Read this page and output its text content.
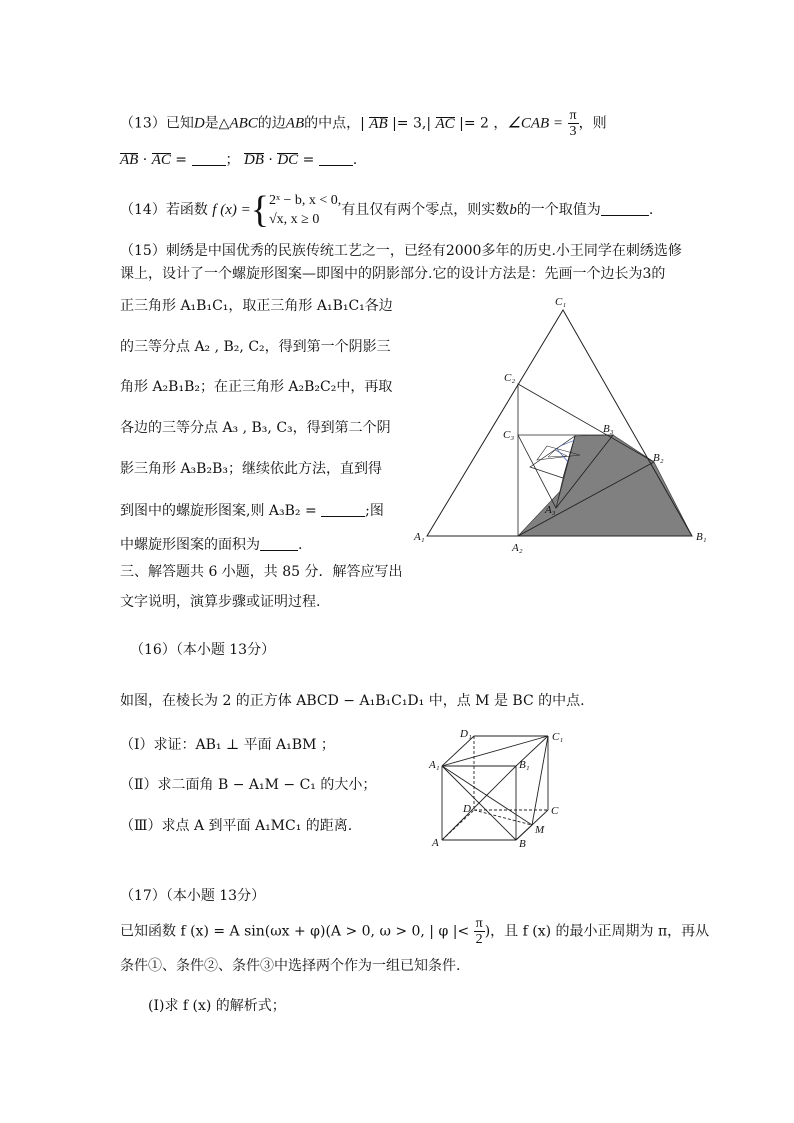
（13）已知D是△ABC的边AB的中点，| AB |= 3,| AC |= 2 ，∠CAB = $\frac{\pi}{3}$ ，则
AB · AC = ； DB · DC = .
（14）若函数 f (x) ={ 2ˣ − b, x < 0,
√x, x ≥ 0
有且仅有两个零点，则实数b的一个取值为	.
（15）刺绣是中国优秀的民族传统工艺之一，已经有2000多年的历史.小王同学在刺绣选修
课上，设计了一个螺旋形图案—即图中的阴影部分.它的设计方法是：先画一个边长为3的
正三角形 A₁B₁C₁，取正三角形 A₁B₁C₁各边
的三等分点 A₂ , B₂, C₂，得到第一个阴影三
角形 A₂B₁B₂；在正三角形 A₂B₂C₂中，再取
各边的三等分点 A₃ , B₃, C₃，得到第二个阴
影三角形 A₃B₂B₃；继续依此方法，直到得
到图中的螺旋形图案,则 A₃B₂ =	;图
中螺旋形图案的面积为	.	A₁
A₂
A₃
B₁
B₂
B₃
C₁
C₂
C₃
三、解答题共 6 小题，共 85 分．解答应写出
文字说明，演算步骤或证明过程.
（16）（本小题 13分）
如图，在棱长为 2 的正方体 ABCD − A₁B₁C₁D₁ 中，点 M 是 BC 的中点.
（Ⅰ）求证：AB₁ ⊥ 平面 A₁BM ；
（Ⅱ）求二面角 B − A₁M − C₁ 的大小；
（Ⅲ）求点 A 到平面 A₁MC₁ 的距离.
A	B
C
D
A₁	B₁
C₁
D₁
M
（17）（本小题 13分）
已知函数 f (x) = A sin(ωx + φ)(A > 0, ω > 0, | φ |< $\frac{\pi}{2}$ )，且 f (x) 的最小正周期为 π，再从
条件①、条件②、条件③中选择两个作为一组已知条件.
(Ⅰ)求 f (x) 的解析式；
